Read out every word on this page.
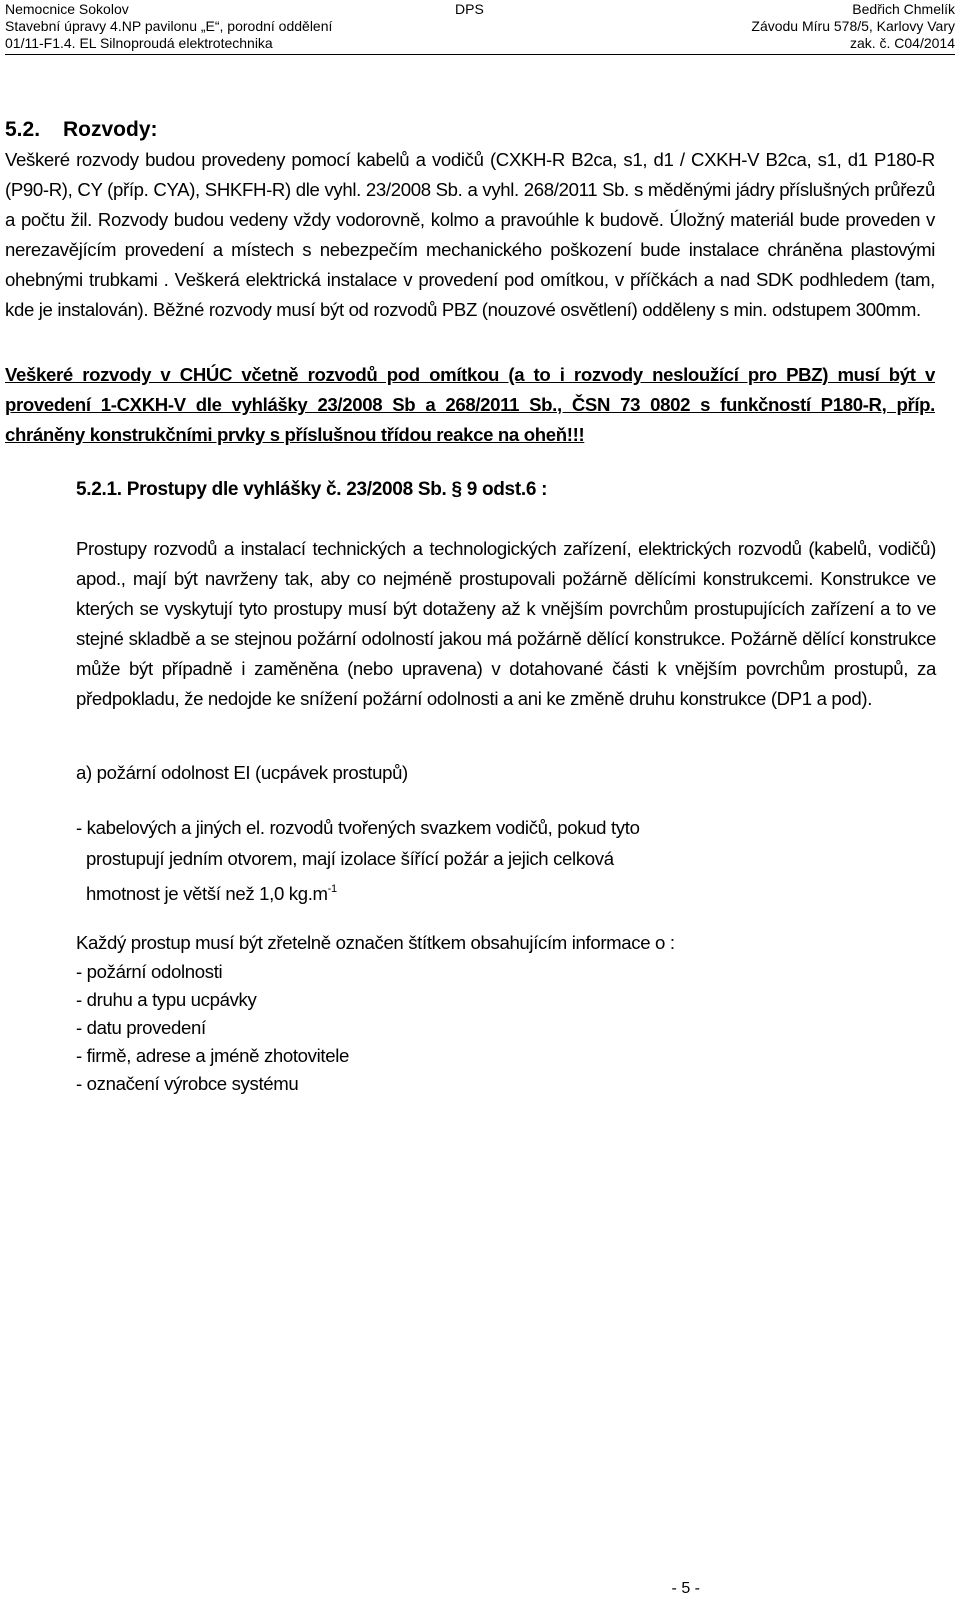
Nemocnice Sokolov	DPS	Bedřich Chmelík
Stavební úpravy 4.NP pavilonu „E“, porodní oddělení	Závodu Míru 578/5, Karlovy Vary
01/11-F1.4. EL Silnoproudá elektrotechnika	zak. č. C04/2014
5.2. Rozvody:
Veškeré rozvody budou provedeny pomocí kabelů a vodičů (CXKH-R B2ca, s1, d1 / CXKH-V B2ca, s1, d1 P180-R (P90-R), CY (příp. CYA), SHKFH-R) dle vyhl. 23/2008 Sb. a vyhl. 268/2011 Sb. s měděnými jádry příslušných průřezů a počtu žil. Rozvody budou vedeny vždy vodorovně, kolmo a pravoúhle k budově. Úložný materiál bude proveden v nerezavějícím provedení a místech s nebezpečím mechanického poškození bude instalace chráněna plastovými ohebnými trubkami . Veškerá elektrická instalace v provedení pod omítkou, v příčkách a nad SDK podhledem (tam, kde je instalován). Běžné rozvody musí být od rozvodů PBZ (nouzové osvětlení) odděleny s min. odstupem 300mm.
Veškeré rozvody v CHÚC včetně rozvodů pod omítkou (a to i rozvody nesloužící pro PBZ) musí být v provedení 1-CXKH-V dle vyhlášky 23/2008 Sb a 268/2011 Sb., ČSN 73 0802 s funkčností P180-R, příp. chráněny konstrukčními prvky s příslušnou třídou reakce na oheň!!!
5.2.1. Prostupy dle vyhlášky č. 23/2008 Sb. § 9 odst.6 :
Prostupy rozvodů a instalací technických a technologických zařízení, elektrických rozvodů (kabelů, vodičů) apod., mají být navrženy tak, aby co nejméně prostupovali požárně dělícími konstrukcemi. Konstrukce ve kterých se vyskytují tyto prostupy musí být dotaženy až k vnějším povrchům prostupujících zařízení a to ve stejné skladbě a se stejnou požární odolností jakou má požárně dělící konstrukce. Požárně dělící konstrukce může být případně i zaměněna (nebo upravena) v dotahované části k vnějším povrchům prostupů, za předpokladu, že nedojde ke snížení požární odolnosti a ani ke změně druhu konstrukce (DP1 a pod).
a) požární odolnost EI (ucpávek prostupů)
- kabelových a jiných el. rozvodů tvořených svazkem vodičů, pokud tyto
prostupují jedním otvorem, mají izolace šířící požár a jejich celková
hmotnost je větší než 1,0 $kg.m^{-1}$
Každý prostup musí být zřetelně označen štítkem obsahujícím informace o :
- požární odolnosti
- druhu a typu ucpávky
- datu provedení
- firmě, adrese a jméně zhotovitele
- označení výrobce systému
- 5 -
